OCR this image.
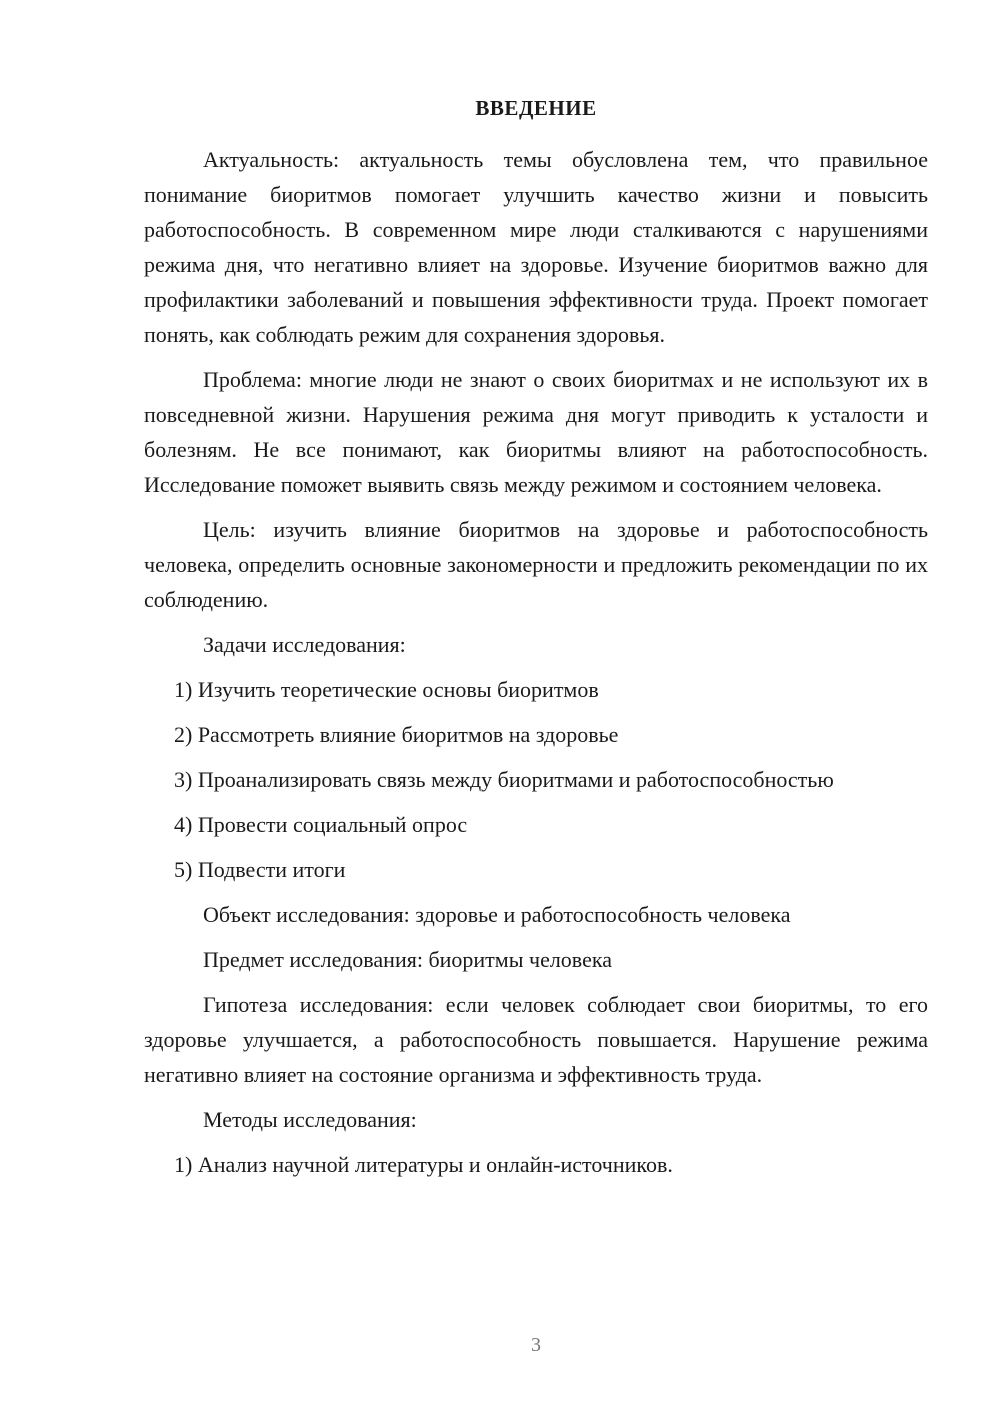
ВВЕДЕНИЕ

Актуальность: актуальность темы обусловлена тем, что правильное понимание биоритмов помогает улучшить качество жизни и повысить работоспособность. В современном мире люди сталкиваются с нарушениями режима дня, что негативно влияет на здоровье. Изучение биоритмов важно для профилактики заболеваний и повышения эффективности труда. Проект помогает понять, как соблюдать режим для сохранения здоровья.

Проблема: многие люди не знают о своих биоритмах и не используют их в повседневной жизни. Нарушения режима дня могут приводить к усталости и болезням. Не все понимают, как биоритмы влияют на работоспособность. Исследование поможет выявить связь между режимом и состоянием человека.

Цель: изучить влияние биоритмов на здоровье и работоспособность человека, определить основные закономерности и предложить рекомендации по их соблюдению.

Задачи исследования:

1) Изучить теоретические основы биоритмов

2) Рассмотреть влияние биоритмов на здоровье

3) Проанализировать связь между биоритмами и работоспособностью

4) Провести социальный опрос

5) Подвести итоги

Объект исследования: здоровье и работоспособность человека

Предмет исследования: биоритмы человека

Гипотеза исследования: если человек соблюдает свои биоритмы, то его здоровье улучшается, а работоспособность повышается. Нарушение режима негативно влияет на состояние организма и эффективность труда.

Методы исследования:

1) Анализ научной литературы и онлайн-источников.

3
